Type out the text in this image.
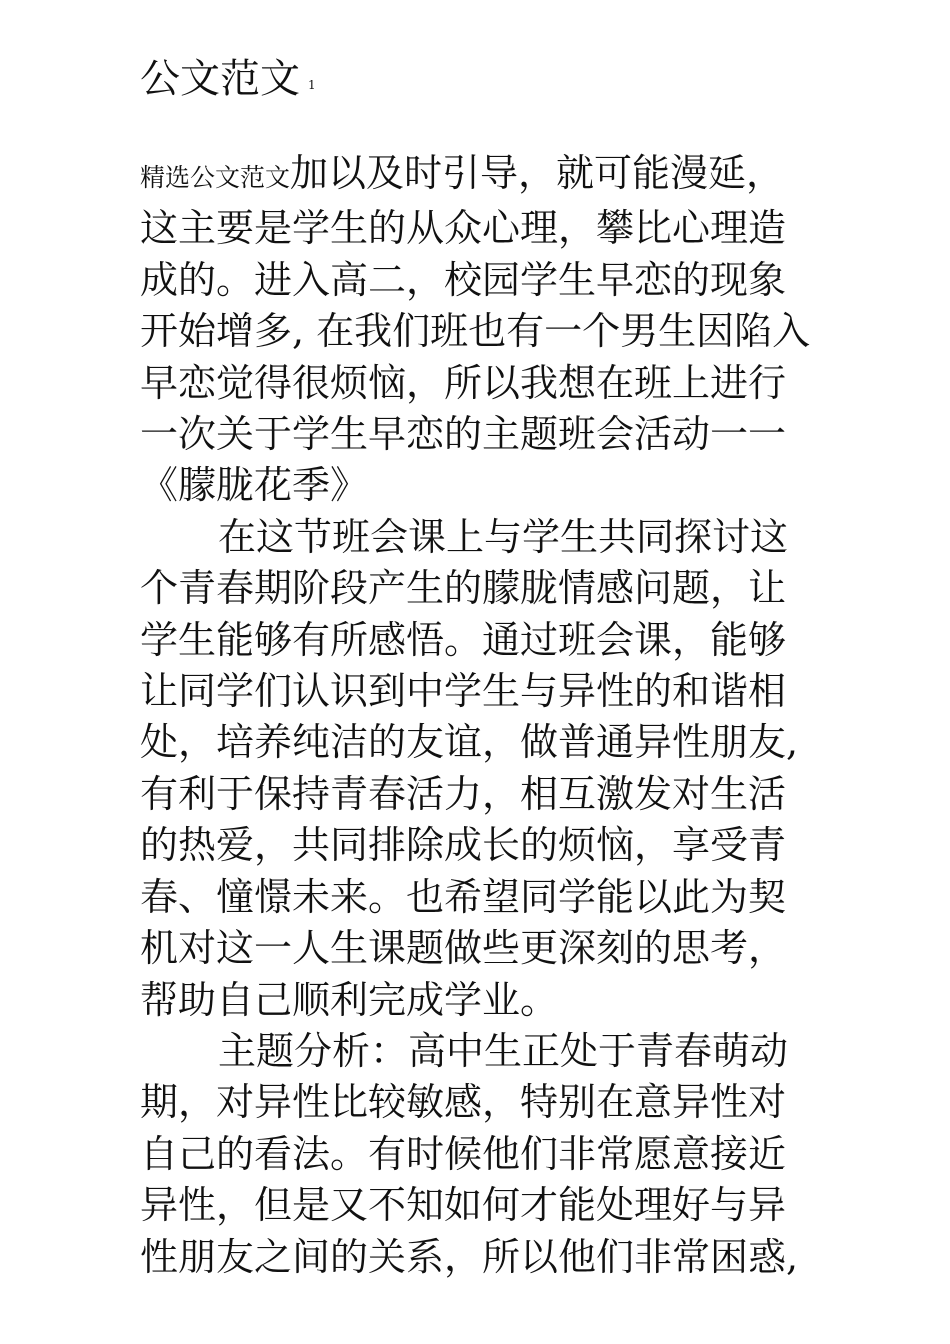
公文范文 1

精选公文范文加以及时引导，就可能漫延，
这主要是学生的从众心理，攀比心理造
成的。进入高二，校园学生早恋的现象
开始增多, 在我们班也有一个男生因陷入
早恋觉得很烦恼，所以我想在班上进行
一次关于学生早恋的主题班会活动一一
《朦胧花季》

在这节班会课上与学生共同探讨这
个青春期阶段产生的朦胧情感问题，让
学生能够有所感悟。通过班会课，能够
让同学们认识到中学生与异性的和谐相
处，培养纯洁的友谊，做普通异性朋友,
有利于保持青春活力，相互激发对生活
的热爱，共同排除成长的烦恼，享受青
春、憧憬未来。也希望同学能以此为契
机对这一人生课题做些更深刻的思考，
帮助自己顺利完成学业。

主题分析：高中生正处于青春萌动
期，对异性比较敏感，特别在意异性对
自己的看法。有时候他们非常愿意接近
异性，但是又不知如何才能处理好与异
性朋友之间的关系，所以他们非常困惑,
